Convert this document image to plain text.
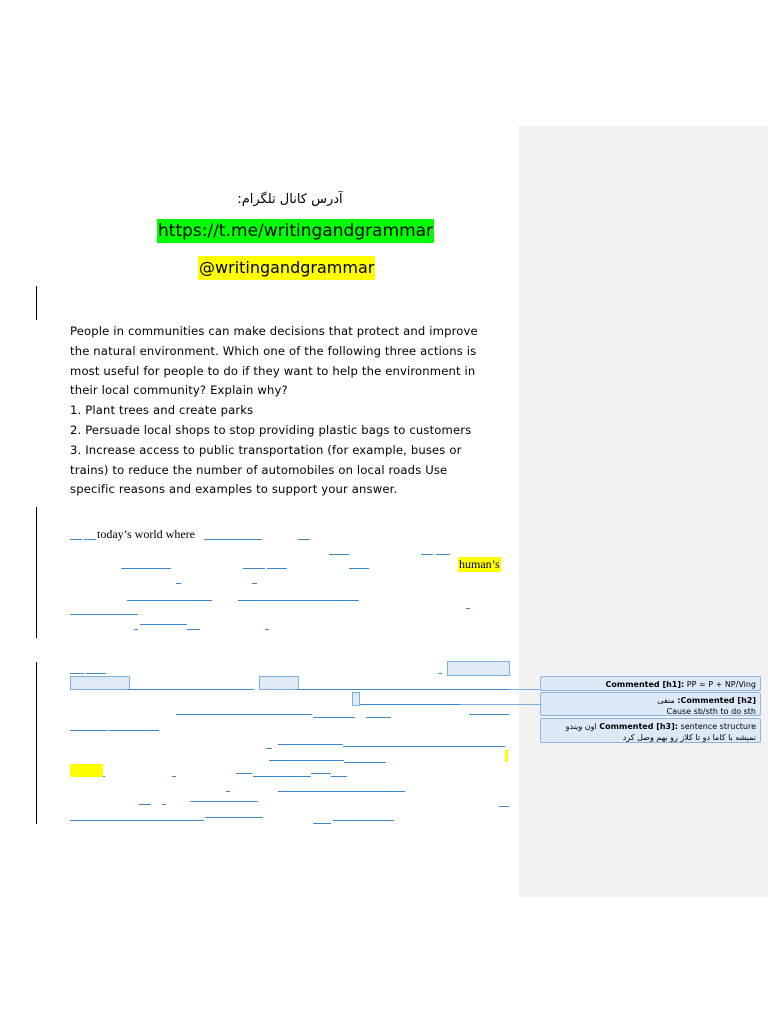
آدرس کانال تلگرام:
https://t.me/writingandgrammar
@writingandgrammar

People in communities can make decisions that protect and improve the natural environment. Which one of the following three actions is most useful for people to do if they want to help the environment in their local community? Explain why?

1. Plant trees and create parks

2. Persuade local shops to stop providing plastic bags to customers

3. Increase access to public transportation (for example, buses or trains) to reduce the number of automobiles on local roads Use specific reasons and examples to support your answer.

today’s world where
human’s
Commented [h1]: PP = P + NP/Ving
Commented [h2]: منفی
Cause sb/sth to do sth
Commented [h3]: sentence structure اون ویندو
نمیشه با کاما دو تا کلاز رو بهم وصل کرد
